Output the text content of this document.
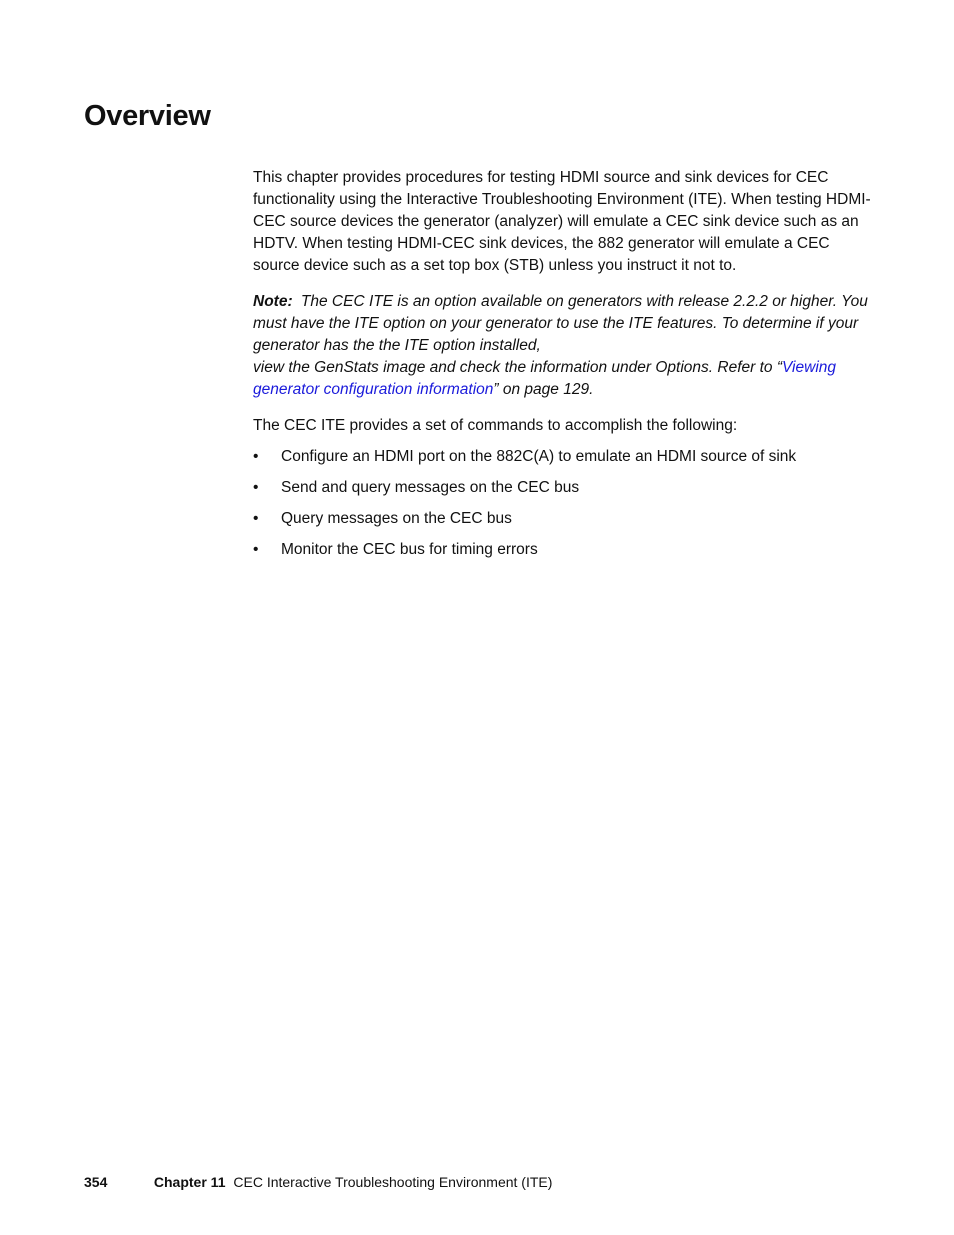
Overview

This chapter provides procedures for testing HDMI source and sink devices for CEC functionality using the Interactive Troubleshooting Environment (ITE). When testing HDMI-CEC source devices the generator (analyzer) will emulate a CEC sink device such as an HDTV. When testing HDMI-CEC sink devices, the 882 generator will emulate a CEC source device such as a set top box (STB) unless you instruct it not to.

Note: The CEC ITE is an option available on generators with release 2.2.2 or higher. You must have the ITE option on your generator to use the ITE features. To determine if your generator has the the ITE option installed,
view the GenStats image and check the information under Options. Refer to “Viewing generator configuration information” on page 129.

The CEC ITE provides a set of commands to accomplish the following:

• Configure an HDMI port on the 882C(A) to emulate an HDMI source of sink
• Send and query messages on the CEC bus
• Query messages on the CEC bus
• Monitor the CEC bus for timing errors
354	Chapter 11 CEC Interactive Troubleshooting Environment (ITE)
